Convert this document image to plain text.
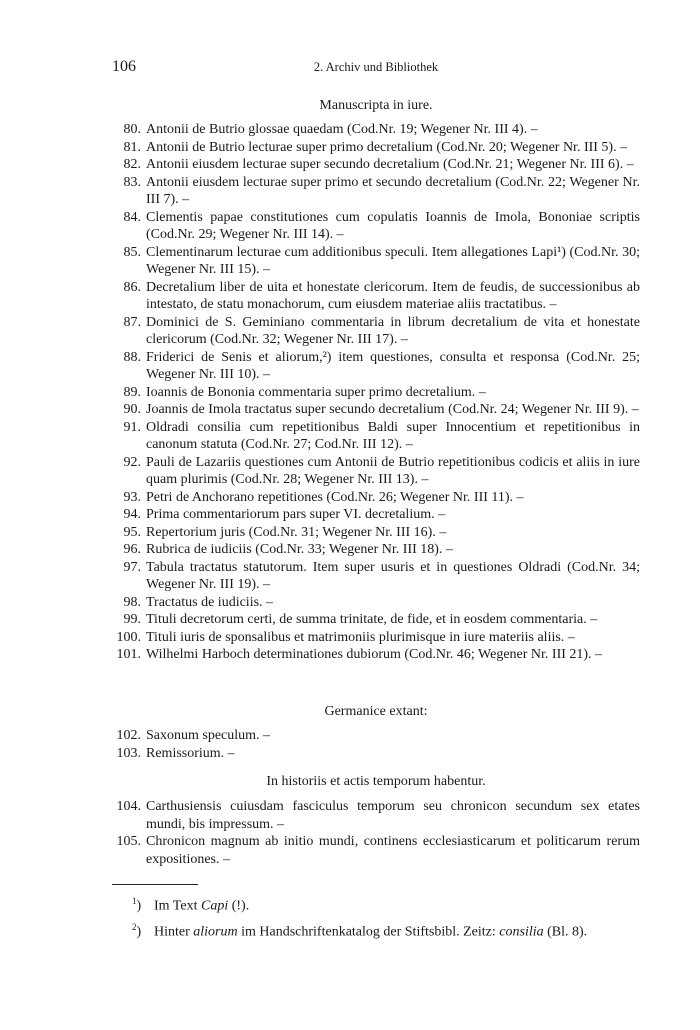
106	2. Archiv und Bibliothek
Manuscripta in iure.
80. Antonii de Butrio glossae quaedam (Cod.Nr. 19; Wegener Nr. III 4). –
81. Antonii de Butrio lecturae super primo decretalium (Cod.Nr. 20; Wegener Nr. III 5). –
82. Antonii eiusdem lecturae super secundo decretalium (Cod.Nr. 21; Wegener Nr. III 6). –
83. Antonii eiusdem lecturae super primo et secundo decretalium (Cod.Nr. 22; Wegener Nr. III 7). –
84. Clementis papae constitutiones cum copulatis Ioannis de Imola, Bononiae scriptis (Cod.Nr. 29; Wegener Nr. III 14). –
85. Clementinarum lecturae cum additionibus speculi. Item allegationes Lapi¹) (Cod.Nr. 30; Wegener Nr. III 15). –
86. Decretalium liber de uita et honestate clericorum. Item de feudis, de successionibus ab intestato, de statu monachorum, cum eiusdem materiae aliis tractatibus. –
87. Dominici de S. Geminiano commentaria in librum decretalium de vita et honestate clericorum (Cod.Nr. 32; Wegener Nr. III 17). –
88. Friderici de Senis et aliorum,²) item questiones, consulta et responsa (Cod.Nr. 25; Wegener Nr. III 10). –
89. Ioannis de Bononia commentaria super primo decretalium. –
90. Joannis de Imola tractatus super secundo decretalium (Cod.Nr. 24; Wegener Nr. III 9). –
91. Oldradi consilia cum repetitionibus Baldi super Innocentium et repetitionibus in canonum statuta (Cod.Nr. 27; Cod.Nr. III 12). –
92. Pauli de Lazariis questiones cum Antonii de Butrio repetitionibus codicis et aliis in iure quam plurimis (Cod.Nr. 28; Wegener Nr. III 13). –
93. Petri de Anchorano repetitiones (Cod.Nr. 26; Wegener Nr. III 11). –
94. Prima commentariorum pars super VI. decretalium. –
95. Repertorium juris (Cod.Nr. 31; Wegener Nr. III 16). –
96. Rubrica de iudiciis (Cod.Nr. 33; Wegener Nr. III 18). –
97. Tabula tractatus statutorum. Item super usuris et in questiones Oldradi (Cod.Nr. 34; Wegener Nr. III 19). –
98. Tractatus de iudiciis. –
99. Tituli decretorum certi, de summa trinitate, de fide, et in eosdem commentaria. –
100. Tituli iuris de sponsalibus et matrimoniis plurimisque in iure materiis aliis. –
101. Wilhelmi Harboch determinationes dubiorum (Cod.Nr. 46; Wegener Nr. III 21). –
Germanice extant:
102. Saxonum speculum. –
103. Remissorium. –
In historiis et actis temporum habentur.
104. Carthusiensis cuiusdam fasciculus temporum seu chronicon secundum sex etates mundi, bis impressum. –
105. Chronicon magnum ab initio mundi, continens ecclesiasticarum et politicarum rerum expositiones. –
$^1$) Im Text Capi (!).
$^2$) Hinter aliorum im Handschriftenkatalog der Stiftsbibl. Zeitz: consilia (Bl. 8).
